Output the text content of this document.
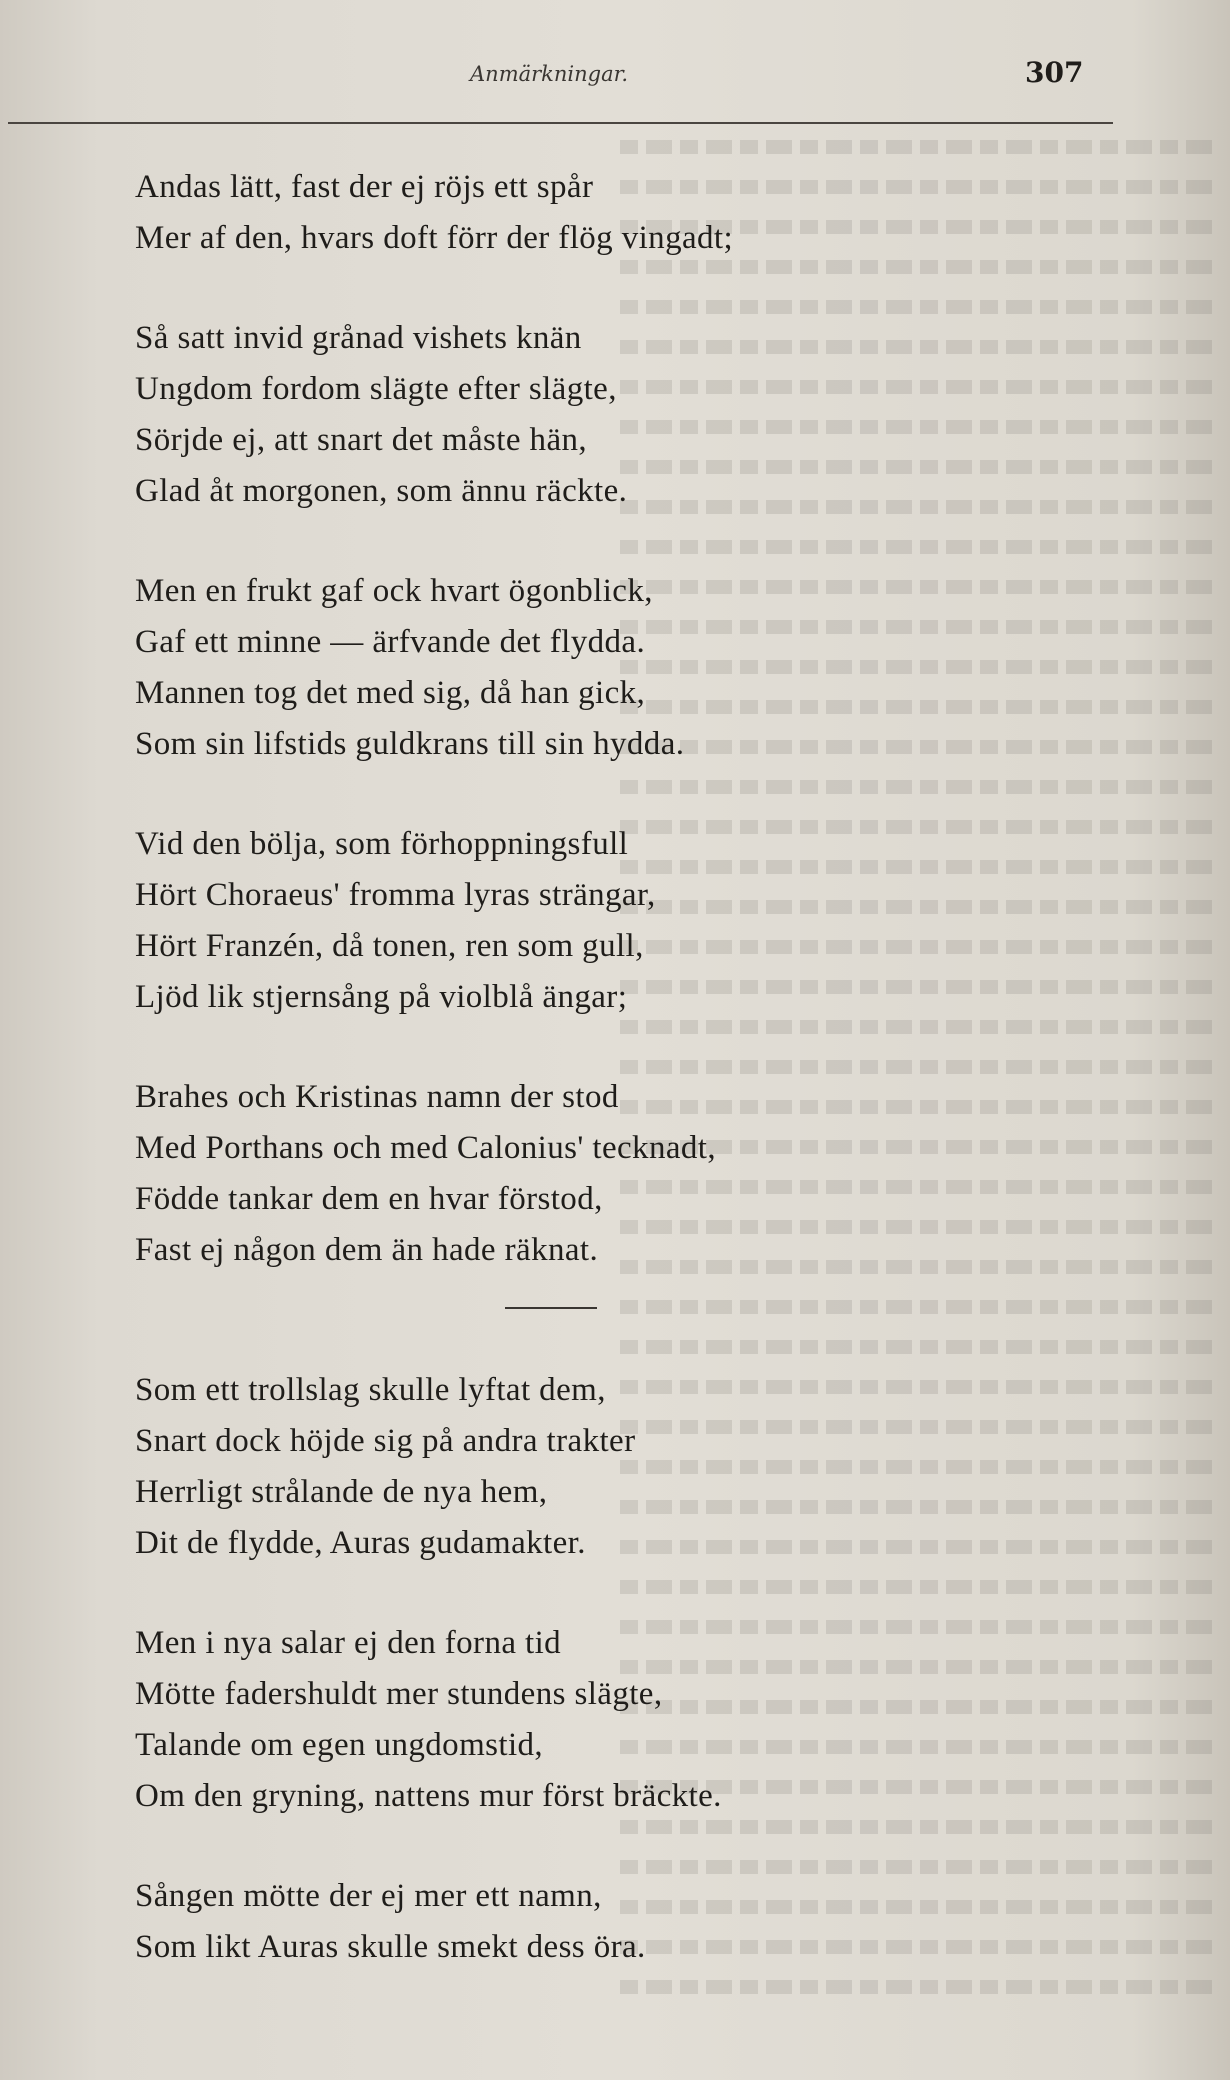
Anmärkningar.	307
Andas lätt, fast der ej röjs ett spår
Mer af den, hvars doft förr der flög vingadt;
Så satt invid grånad vishets knän
Ungdom fordom slägte efter slägte,
Sörjde ej, att snart det måste hän,
Glad åt morgonen, som ännu räckte.
Men en frukt gaf ock hvart ögonblick,
Gaf ett minne — ärfvande det flydda.
Mannen tog det med sig, då han gick,
Som sin lifstids guldkrans till sin hydda.
Vid den bölja, som förhoppningsfull
Hört Choraeus' fromma lyras strängar,
Hört Franzén, då tonen, ren som gull,
Ljöd lik stjernsång på violblå ängar;
Brahes och Kristinas namn der stod
Med Porthans och med Calonius' tecknadt,
Födde tankar dem en hvar förstod,
Fast ej någon dem än hade räknat.
Som ett trollslag skulle lyftat dem,
Snart dock höjde sig på andra trakter
Herrligt strålande de nya hem,
Dit de flydde, Auras gudamakter.
Men i nya salar ej den forna tid
Mötte fadershuldt mer stundens slägte,
Talande om egen ungdomstid,
Om den gryning, nattens mur först bräckte.
Sången mötte der ej mer ett namn,
Som likt Auras skulle smekt dess öra.
